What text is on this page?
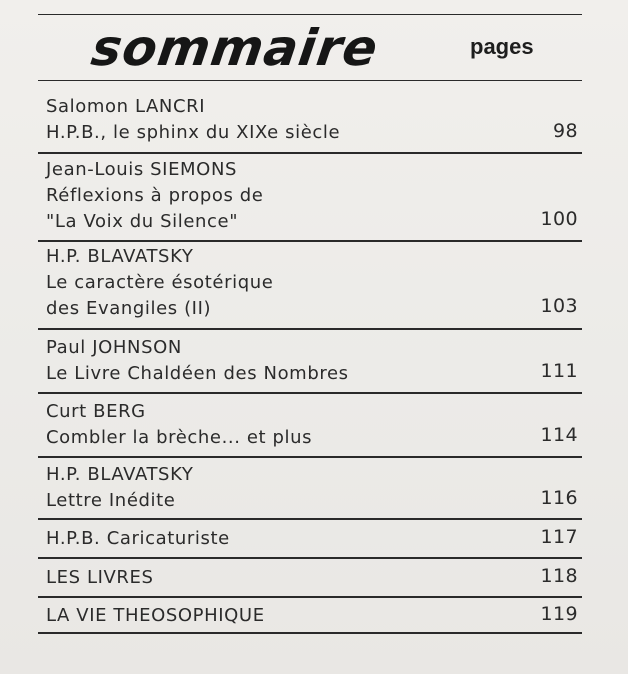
sommaire	pages
Salomon LANCRI
H.P.B., le sphinx du XIXe siècle	98
Jean-Louis SIEMONS
Réflexions à propos de
"La Voix du Silence"	100
H.P. BLAVATSKY
Le caractère ésotérique
des Evangiles (II)	103
Paul JOHNSON
Le Livre Chaldéen des Nombres	111
Curt BERG
Combler la brèche... et plus	114
H.P. BLAVATSKY
Lettre Inédite	116
H.P.B. Caricaturiste	117
LES LIVRES	118
LA VIE THEOSOPHIQUE	119
